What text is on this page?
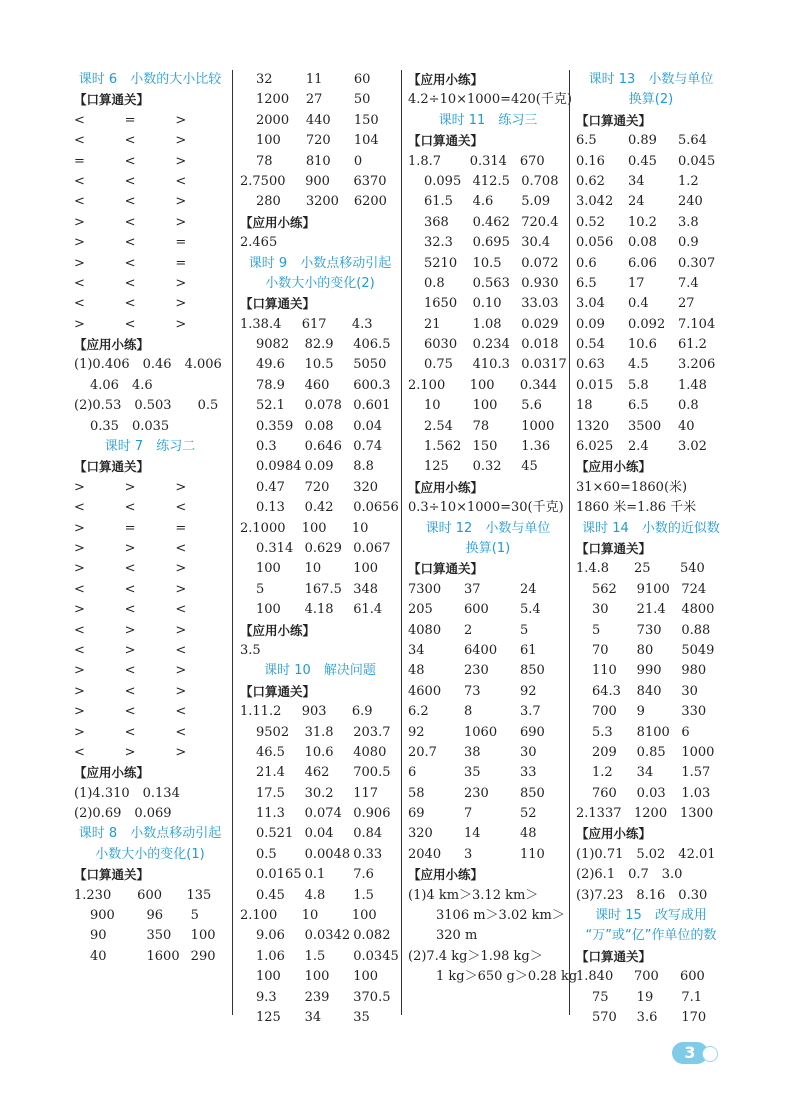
课时 6　小数的大小比较
【口算通关】
<	=	>
<	<	>
=	<	>
<	<	<
<	<	>
>	<	>
>	<	=
>	<	=
<	<	>
<	<	>
>	<	>
【应用小练】
(1)0.406　0.46　4.006
4.06　4.6
(2)0.53　0.503　　0.5
0.35　0.035
课时 7　练习二
【口算通关】
>	>	>
<	<	<
>	=	=
>	>	<
>	<	>
<	<	>
>	<	<
<	>	>
<	>	<
>	<	>
>	<	>
>	<	<
>	<	<
<	>	>
【应用小练】
(1)4.310　0.134
(2)0.69　0.069
课时 8　小数点移动引起
小数大小的变化(1)
【口算通关】
1.230	600	135
900	96	5
90	350	100
40	1600 290
32	11	60
1200	27	50
2000	440	150
100	720	104
78	810	0
2.7500	900	6370
280	3200	6200
【应用小练】
2.465
课时 9　小数点移动引起
小数大小的变化(2)
【口算通关】
1.38.4	617	4.3
9082	82.9	406.5
49.6	10.5	5050
78.9	460	600.3
52.1	0.078 0.601
0.359 0.08	0.04
0.3	0.646 0.74
0.0984 0.09	8.8
0.47	720	320
0.13	0.42	0.0656
2.1000	100	10
0.314 0.629 0.067
100	10	100
5	167.5 348
100	4.18	61.4
【应用小练】
3.5
课时 10　解决问题
【口算通关】
1.11.2	903	6.9
9502	31.8	203.7
46.5	10.6	4080
21.4	462	700.5
17.5	30.2	117
11.3	0.074 0.906
0.521 0.04	0.84
0.5	0.0048 0.33
0.0165 0.1	7.6
0.45	4.8	1.5
2.100	10	100
9.06	0.0342 0.082
1.06	1.5	0.0345
100	100	100
9.3	239	370.5
125	34	35
【应用小练】
4.2÷10×1000=420(千克)
课时 11　练习三
【口算通关】
1.8.7	0.314 670
0.095 412.5 0.708
61.5	4.6	5.09
368	0.462 720.4
32.3	0.695 30.4
5210	10.5	0.072
0.8	0.563 0.930
1650	0.10	33.03
21	1.08	0.029
6030	0.234 0.018
0.75	410.3 0.0317
2.100	100	0.344
10	100	5.6
2.54	78	1000
1.562 150	1.36
125	0.32	45
【应用小练】
0.3÷10×1000=30(千克)
课时 12　小数与单位
换算(1)
【口算通关】
7300	37	24
205	600	5.4
4080	2	5
34	6400	61
48	230	850
4600	73	92
6.2	8	3.7
92	1060	690
20.7	38	30
6	35	33
58	230	850
69	7	52
320	14	48
2040	3	110
【应用小练】
(1)4 km＞3.12 km＞
3106 m＞3.02 km＞
320 m
(2)7.4 kg＞1.98 kg＞
1 kg＞650 g＞0.28 kg
课时 13　小数与单位
换算(2)
【口算通关】
6.5	0.89	5.64
0.16	0.45	0.045
0.62	34	1.2
3.042	24	240
0.52	10.2	3.8
0.056	0.08	0.9
0.6	6.06	0.307
6.5	17	7.4
3.04	0.4	27
0.09	0.092 7.104
0.54	10.6	61.2
0.63	4.5	3.206
0.015	5.8	1.48
18	6.5	0.8
1320	3500	40
6.025	2.4	3.02
【应用小练】
31×60=1860(米)
1860 米=1.86 千米
课时 14　小数的近似数
【口算通关】
1.4.8	25	540
562	9100 724
30	21.4	4800
5	730	0.88
70	80	5049
110	990	980
64.3	840	30
700	9	330
5.3	8100 6
209	0.85	1000
1.2	34	1.57
760	0.03	1.03
2.1337 1200 1300
【应用小练】
(1)0.71　5.02　42.01
(2)6.1　0.7　3.0
(3)7.23　8.16　0.30
课时 15　改写成用
“万”或“亿”作单位的数
【口算通关】
1.840	700	600
75	19	7.1
570	3.6	170
3
